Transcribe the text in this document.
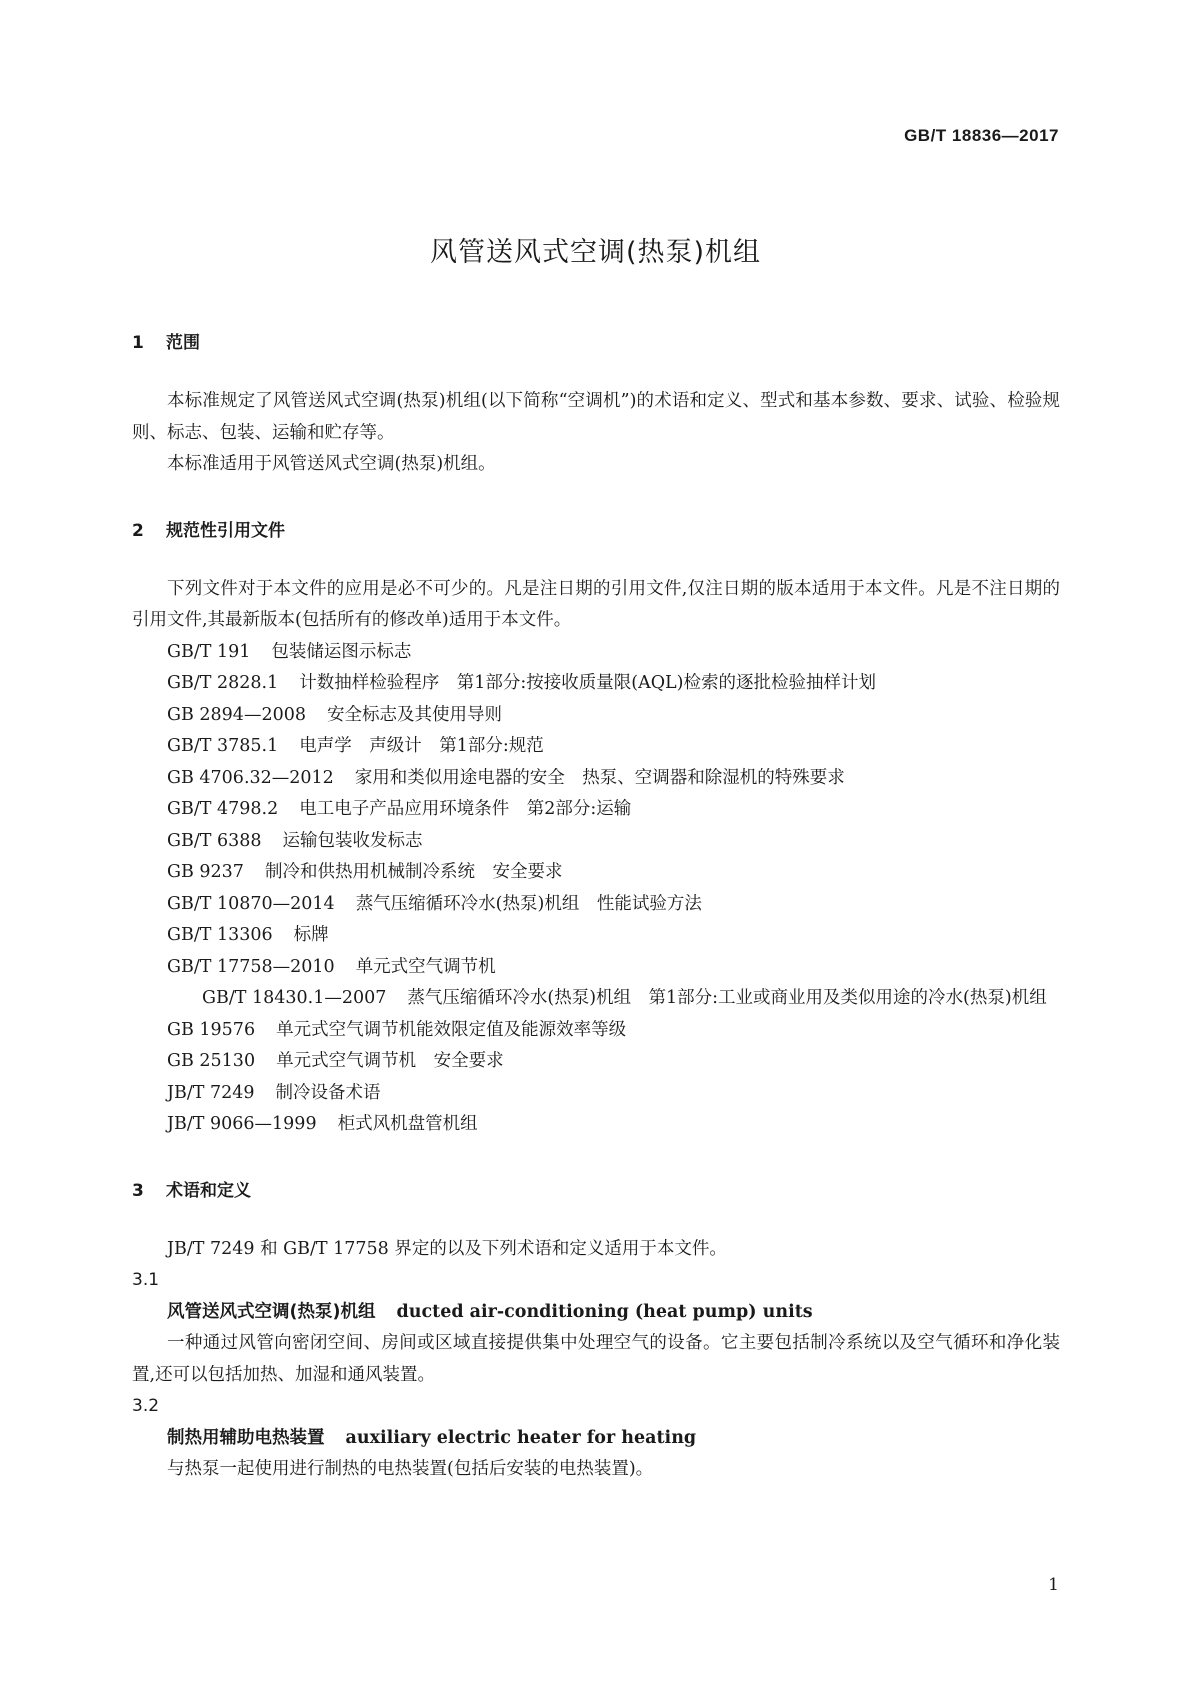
GB/T 18836—2017
风管送风式空调(热泵)机组
1 范围
本标准规定了风管送风式空调(热泵)机组(以下简称“空调机”)的术语和定义、型式和基本参数、要求、试验、检验规则、标志、包装、运输和贮存等。
本标准适用于风管送风式空调(热泵)机组。
2 规范性引用文件
下列文件对于本文件的应用是必不可少的。凡是注日期的引用文件,仅注日期的版本适用于本文件。凡是不注日期的引用文件,其最新版本(包括所有的修改单)适用于本文件。
GB/T 191 包装储运图示标志
GB/T 2828.1 计数抽样检验程序　第1部分:按接收质量限(AQL)检索的逐批检验抽样计划
GB 2894—2008 安全标志及其使用导则
GB/T 3785.1 电声学　声级计　第1部分:规范
GB 4706.32—2012 家用和类似用途电器的安全　热泵、空调器和除湿机的特殊要求
GB/T 4798.2 电工电子产品应用环境条件　第2部分:运输
GB/T 6388 运输包装收发标志
GB 9237 制冷和供热用机械制冷系统　安全要求
GB/T 10870—2014 蒸气压缩循环冷水(热泵)机组　性能试验方法
GB/T 13306 标牌
GB/T 17758—2010 单元式空气调节机
GB/T 18430.1—2007 蒸气压缩循环冷水(热泵)机组　第1部分:工业或商业用及类似用途的冷水(热泵)机组
GB 19576 单元式空气调节机能效限定值及能源效率等级
GB 25130 单元式空气调节机　安全要求
JB/T 7249 制冷设备术语
JB/T 9066—1999 柜式风机盘管机组
3 术语和定义
JB/T 7249 和 GB/T 17758 界定的以及下列术语和定义适用于本文件。
3.1
风管送风式空调(热泵)机组 ducted air-conditioning (heat pump) units
一种通过风管向密闭空间、房间或区域直接提供集中处理空气的设备。它主要包括制冷系统以及空气循环和净化装置,还可以包括加热、加湿和通风装置。
3.2
制热用辅助电热装置 auxiliary electric heater for heating
与热泵一起使用进行制热的电热装置(包括后安装的电热装置)。
1
